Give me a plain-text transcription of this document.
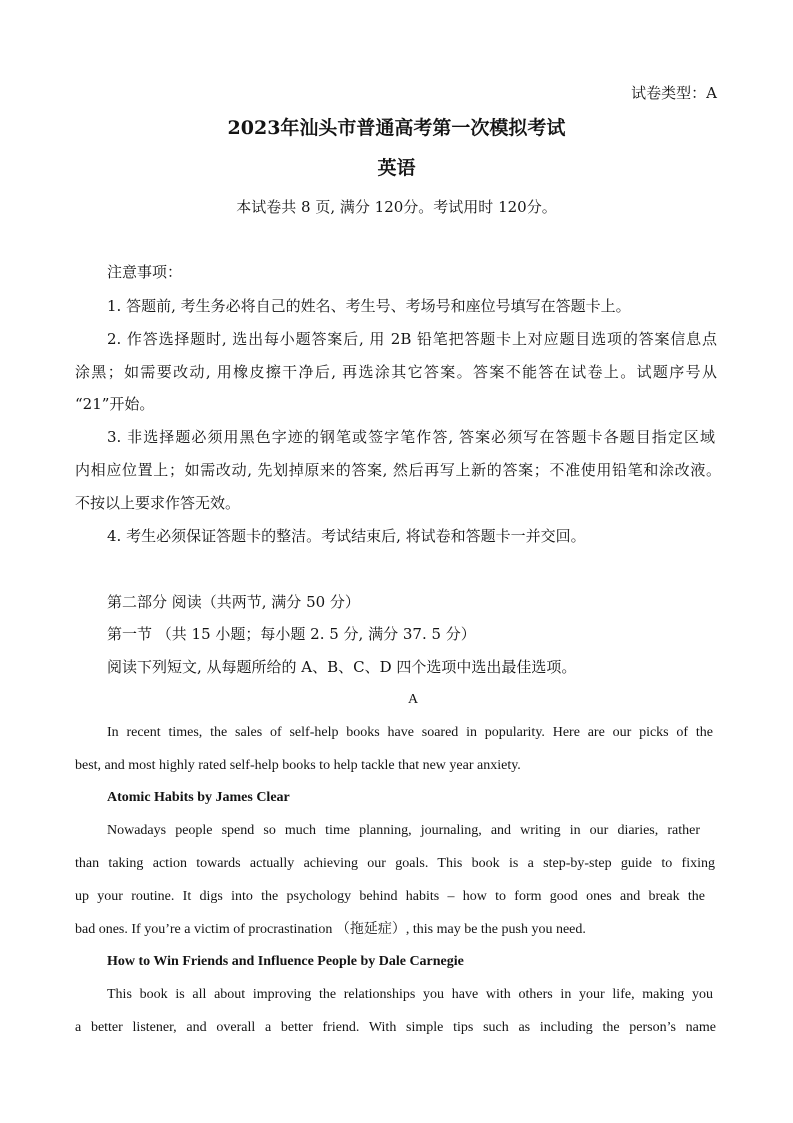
试卷类型：A
2023年汕头市普通高考第一次模拟考试
英语
本试卷共 8 页, 满分 120分。考试用时 120分。
注意事项：
1. 答题前, 考生务必将自己的姓名、考生号、考场号和座位号填写在答题卡上。
2. 作答选择题时, 选出每小题答案后, 用 2B 铅笔把答题卡上对应题目选项的答案信息点
涂黑；如需要改动, 用橡皮擦干净后, 再选涂其它答案。答案不能答在试卷上。试题序号从
“21”开始。
3. 非选择题必须用黑色字迹的钢笔或签字笔作答, 答案必须写在答题卡各题目指定区域
内相应位置上；如需改动, 先划掉原来的答案, 然后再写上新的答案；不准使用铅笔和涂改液。
不按以上要求作答无效。
4. 考生必须保证答题卡的整洁。考试结束后, 将试卷和答题卡一并交回。
第二部分 阅读（共两节, 满分 50 分）
第一节 （共 15 小题；每小题 2. 5 分, 满分 37. 5 分）
阅读下列短文, 从每题所给的 A、B、C、D 四个选项中选出最佳选项。
A
In recent times, the sales of self-help books have soared in popularity. Here are our picks of the
best, and most highly rated self-help books to help tackle that new year anxiety.
Atomic Habits by James Clear
Nowadays people spend so much time planning, journaling, and writing in our diaries, rather
than taking action towards actually achieving our goals. This book is a step-by-step guide to fixing
up your routine. It digs into the psychology behind habits – how to form good ones and break the
bad ones. If you’re a victim of procrastination （拖延症）, this may be the push you need.
How to Win Friends and Influence People by Dale Carnegie
This book is all about improving the relationships you have with others in your life, making you
a better listener, and overall a better friend. With simple tips such as including the person’s name
